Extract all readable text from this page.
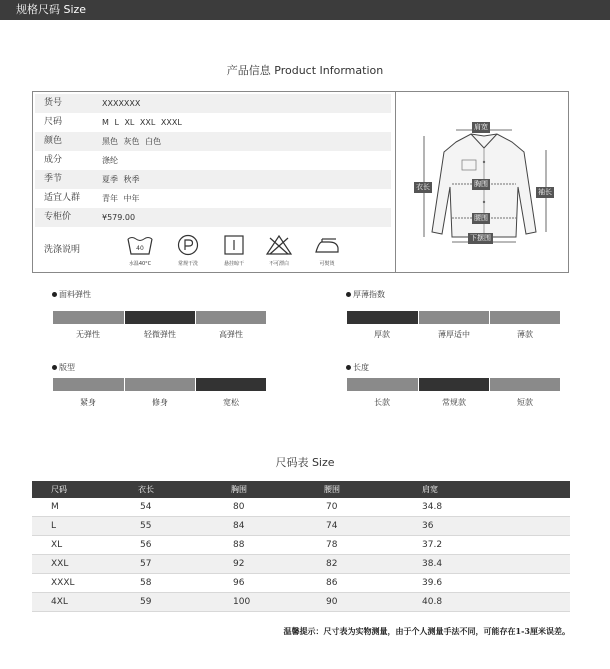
规格尺码 Size
产品信息 Product Information
货号	XXXXXXX
尺码	M L XL XXL XXXL
颜色	黑色 灰色 白色
成分	涤纶
季节	夏季 秋季
适宜人群	青年 中年
专柜价	¥579.00
洗涤说明	40
水温40°C	常规干洗	悬挂晾干	不可漂白	可熨烫
肩宽
衣长	胸围
袖长
腰围
下摆围
面料弹性
无弹性	轻微弹性	高弹性
厚薄指数
厚款	薄厚适中	薄款
版型
紧身	修身	宽松
长度
长款	常规款	短款
尺码表 Size
尺码	衣长	胸围	腰围	肩宽
M	54	80	70	34.8
L	55	84	74	36
XL	56	88	78	37.2
XXL	57	92	82	38.4
XXXL	58	96	86	39.6
4XL	59	100	90	40.8
温馨提示：尺寸表为实物测量，由于个人测量手法不同，可能存在1-3厘米误差。
